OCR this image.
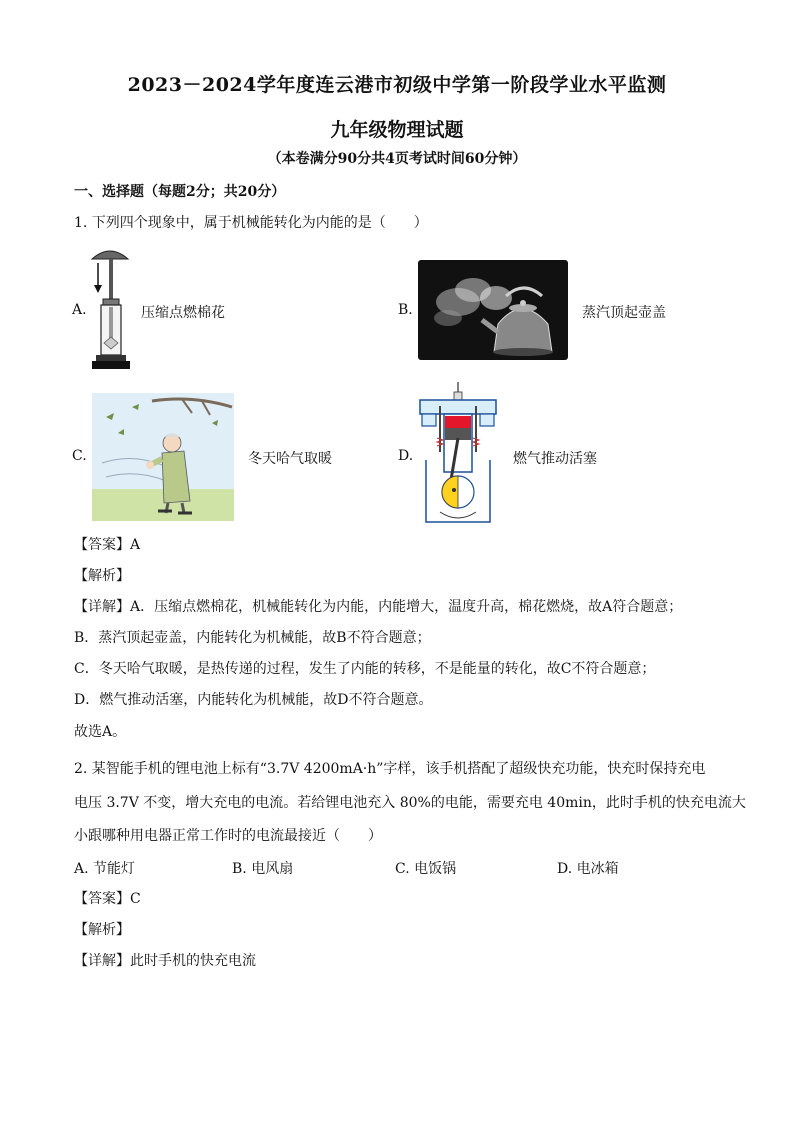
2023－2024学年度连云港市初级中学第一阶段学业水平监测
九年级物理试题
（本卷满分90分共4页考试时间60分钟）
一、选择题（每题2分；共20分）
1. 下列四个现象中，属于机械能转化为内能的是（　　）
A.	压缩点燃棉花	B.	蒸汽顶起壶盖
C.	冬天哈气取暖	D.	燃气推动活塞
【答案】A
【解析】
【详解】A．压缩点燃棉花，机械能转化为内能，内能增大，温度升高，棉花燃烧，故A符合题意；
B．蒸汽顶起壶盖，内能转化为机械能，故B不符合题意；
C．冬天哈气取暖，是热传递的过程，发生了内能的转移，不是能量的转化，故C不符合题意；
D．燃气推动活塞，内能转化为机械能，故D不符合题意。
故选A。
2. 某智能手机的锂电池上标有“3.7V 4200mA·h”字样，该手机搭配了超级快充功能，快充时保持充电
电压 3.7V 不变，增大充电的电流。若给锂电池充入 80%的电能，需要充电 40min，此时手机的快充电流大
小跟哪种用电器正常工作时的电流最接近（　　）
A. 节能灯	B. 电风扇	C. 电饭锅	D. 电冰箱
【答案】C
【解析】
【详解】此时手机的快充电流
